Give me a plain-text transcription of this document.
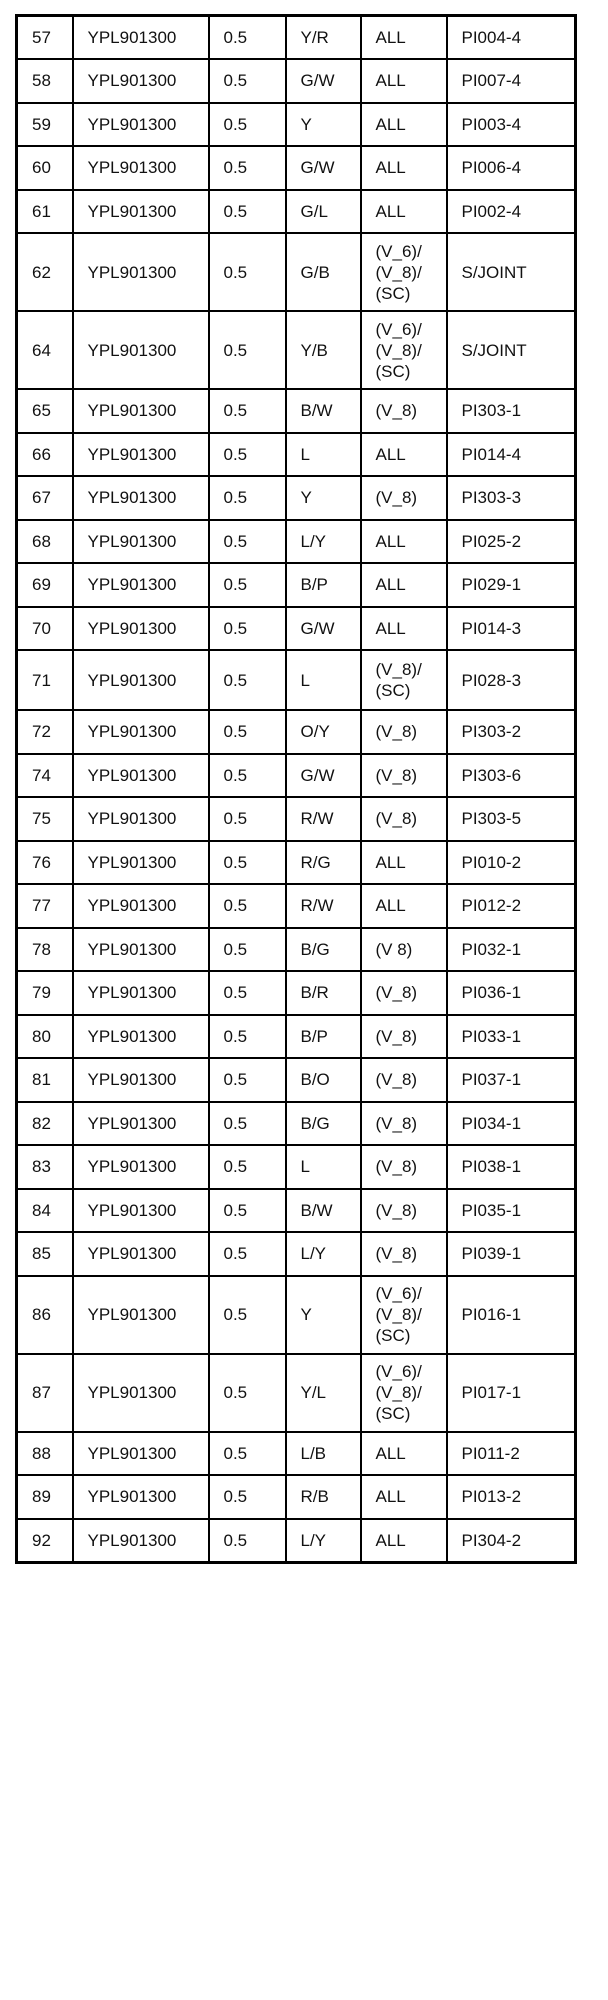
57	YPL901300	0.5	Y/R	ALL	PI004-4
58	YPL901300	0.5	G/W	ALL	PI007-4
59	YPL901300	0.5	Y	ALL	PI003-4
60	YPL901300	0.5	G/W	ALL	PI006-4
61	YPL901300	0.5	G/L	ALL	PI002-4
62	YPL901300	0.5	G/B	(V_6)/
(V_8)/
(SC)	S/JOINT
64	YPL901300	0.5	Y/B	(V_6)/
(V_8)/
(SC)	S/JOINT
65	YPL901300	0.5	B/W	(V_8)	PI303-1
66	YPL901300	0.5	L	ALL	PI014-4
67	YPL901300	0.5	Y	(V_8)	PI303-3
68	YPL901300	0.5	L/Y	ALL	PI025-2
69	YPL901300	0.5	B/P	ALL	PI029-1
70	YPL901300	0.5	G/W	ALL	PI014-3
71	YPL901300	0.5	L	(V_8)/
(SC)	PI028-3
72	YPL901300	0.5	O/Y	(V_8)	PI303-2
74	YPL901300	0.5	G/W	(V_8)	PI303-6
75	YPL901300	0.5	R/W	(V_8)	PI303-5
76	YPL901300	0.5	R/G	ALL	PI010-2
77	YPL901300	0.5	R/W	ALL	PI012-2
78	YPL901300	0.5	B/G	(V 8)	PI032-1
79	YPL901300	0.5	B/R	(V_8)	PI036-1
80	YPL901300	0.5	B/P	(V_8)	PI033-1
81	YPL901300	0.5	B/O	(V_8)	PI037-1
82	YPL901300	0.5	B/G	(V_8)	PI034-1
83	YPL901300	0.5	L	(V_8)	PI038-1
84	YPL901300	0.5	B/W	(V_8)	PI035-1
85	YPL901300	0.5	L/Y	(V_8)	PI039-1
86	YPL901300	0.5	Y	(V_6)/
(V_8)/
(SC)	PI016-1
87	YPL901300	0.5	Y/L	(V_6)/
(V_8)/
(SC)	PI017-1
88	YPL901300	0.5	L/B	ALL	PI011-2
89	YPL901300	0.5	R/B	ALL	PI013-2
92	YPL901300	0.5	L/Y	ALL	PI304-2
